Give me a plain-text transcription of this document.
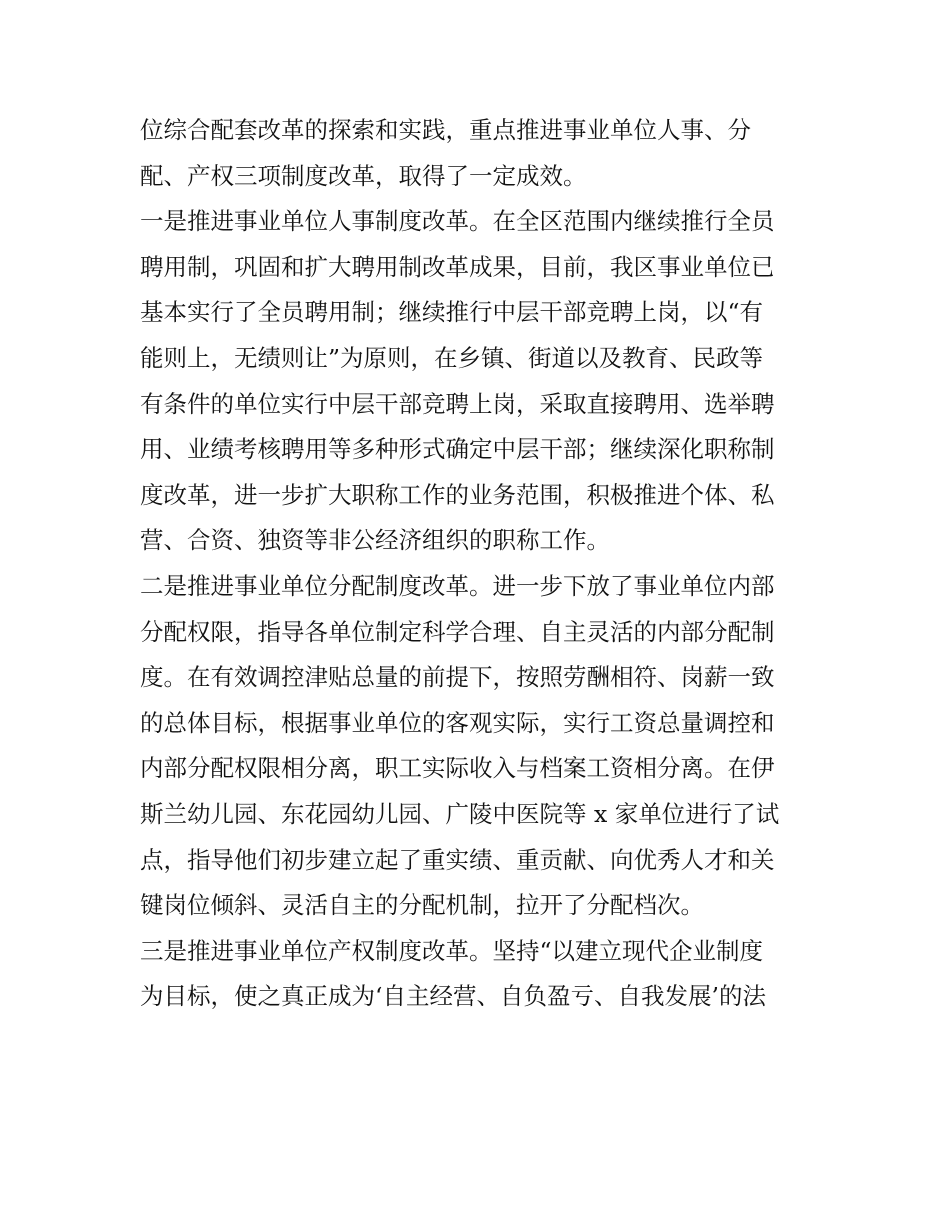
位综合配套改革的探索和实践，重点推进事业单位人事、分
配、产权三项制度改革，取得了一定成效。
一是推进事业单位人事制度改革。在全区范围内继续推行全员
聘用制，巩固和扩大聘用制改革成果，目前，我区事业单位已
基本实行了全员聘用制；继续推行中层干部竞聘上岗，以“有
能则上，无绩则让”为原则，在乡镇、街道以及教育、民政等
有条件的单位实行中层干部竞聘上岗，采取直接聘用、选举聘
用、业绩考核聘用等多种形式确定中层干部；继续深化职称制
度改革，进一步扩大职称工作的业务范围，积极推进个体、私
营、合资、独资等非公经济组织的职称工作。
二是推进事业单位分配制度改革。进一步下放了事业单位内部
分配权限，指导各单位制定科学合理、自主灵活的内部分配制
度。在有效调控津贴总量的前提下，按照劳酬相符、岗薪一致
的总体目标，根据事业单位的客观实际，实行工资总量调控和
内部分配权限相分离，职工实际收入与档案工资相分离。在伊
斯兰幼儿园、东花园幼儿园、广陵中医院等 x 家单位进行了试
点，指导他们初步建立起了重实绩、重贡献、向优秀人才和关
键岗位倾斜、灵活自主的分配机制，拉开了分配档次。
三是推进事业单位产权制度改革。坚持“以建立现代企业制度
为目标，使之真正成为‘自主经营、自负盈亏、自我发展’的法
